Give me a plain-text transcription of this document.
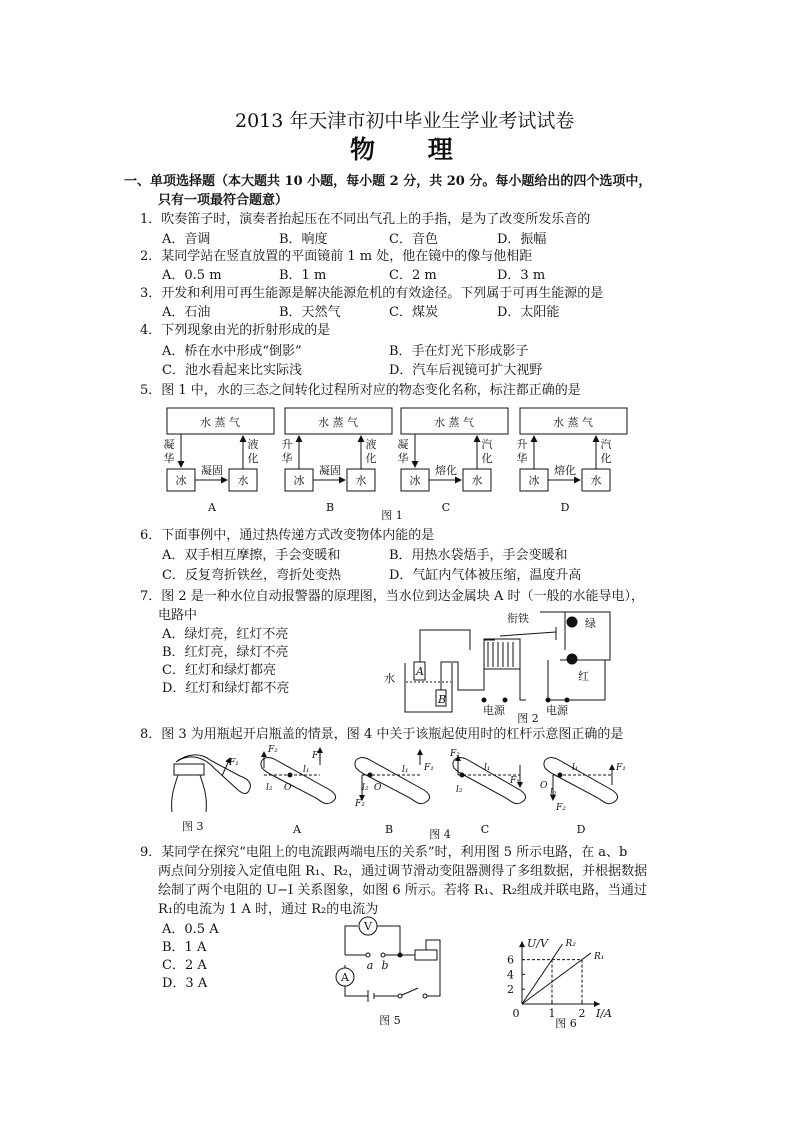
2013 年天津市初中毕业生学业考试试卷
物 理
一、单项选择题（本大题共 10 小题，每小题 2 分，共 20 分。每小题给出的四个选项中，
只有一项最符合题意）
1．吹奏笛子时，演奏者抬起压在不同出气孔上的手指，是为了改变所发乐音的
A．音调	B．响度	C．音色	D．振幅
2．某同学站在竖直放置的平面镜前 1 m 处，他在镜中的像与他相距
A．0.5 m	B．1 m	C．2 m	D．3 m
3．开发和利用可再生能源是解决能源危机的有效途径。下列属于可再生能源的是
A．石油	B．天然气	C．煤炭	D．太阳能
4．下列现象由光的折射形成的是
A．桥在水中形成“倒影”	B．手在灯光下形成影子
C．池水看起来比实际浅	D．汽车后视镜可扩大视野
5．图 1 中，水的三态之间转化过程所对应的物态变化名称，标注都正确的是
水 蒸 气
冰	水
凝
华
液
化
凝固
A
水 蒸 气
冰	水
升
华
液
化
凝固
B
水 蒸 气
冰	水
凝
华
汽
化
熔化
C
水 蒸 气
冰	水
升
华
汽
化
熔化
D
图 1
6．下面事例中，通过热传递方式改变物体内能的是
A．双手相互摩擦，手会变暖和	B．用热水袋焐手，手会变暖和
C．反复弯折铁丝，弯折处变热	D．气缸内气体被压缩，温度升高
7．图 2 是一种水位自动报警器的原理图，当水位到达金属块 A 时（一般的水能导电），
电路中
A．绿灯亮，红灯不亮
B．红灯亮，绿灯不亮
C．红灯和绿灯都亮
D．红灯和绿灯都不亮
衔铁	绿
红
水
A
B
电源	电源
图 2
8．图 3 为用瓶起开启瓶盖的情景，图 4 中关于该瓶起使用时的杠杆示意图正确的是
F₁
图 3
F₂
F₁
l₁
l₂ O
A
l₁ F₁
l₂ O
F₂
B
F₂
l₁
F₁
l₂
C
l₁	F₁
O
l₂
F₂
D
图 4
9．某同学在探究“电阻上的电流跟两端电压的关系”时，利用图 5 所示电路，在 a、b
两点间分别接入定值电阻 R₁、R₂，通过调节滑动变阻器测得了多组数据，并根据数据
绘制了两个电阻的 U−I 关系图象，如图 6 所示。若将 R₁、R₂组成并联电路，当通过
R₁的电流为 1 A 时，通过 R₂的电流为
A．0.5 A
B．1 A
C．2 A
D．3 A
V
A
a b
图 5
0	1 2
2
4
6
R₂
R₁
I/A
U/V
图 6
